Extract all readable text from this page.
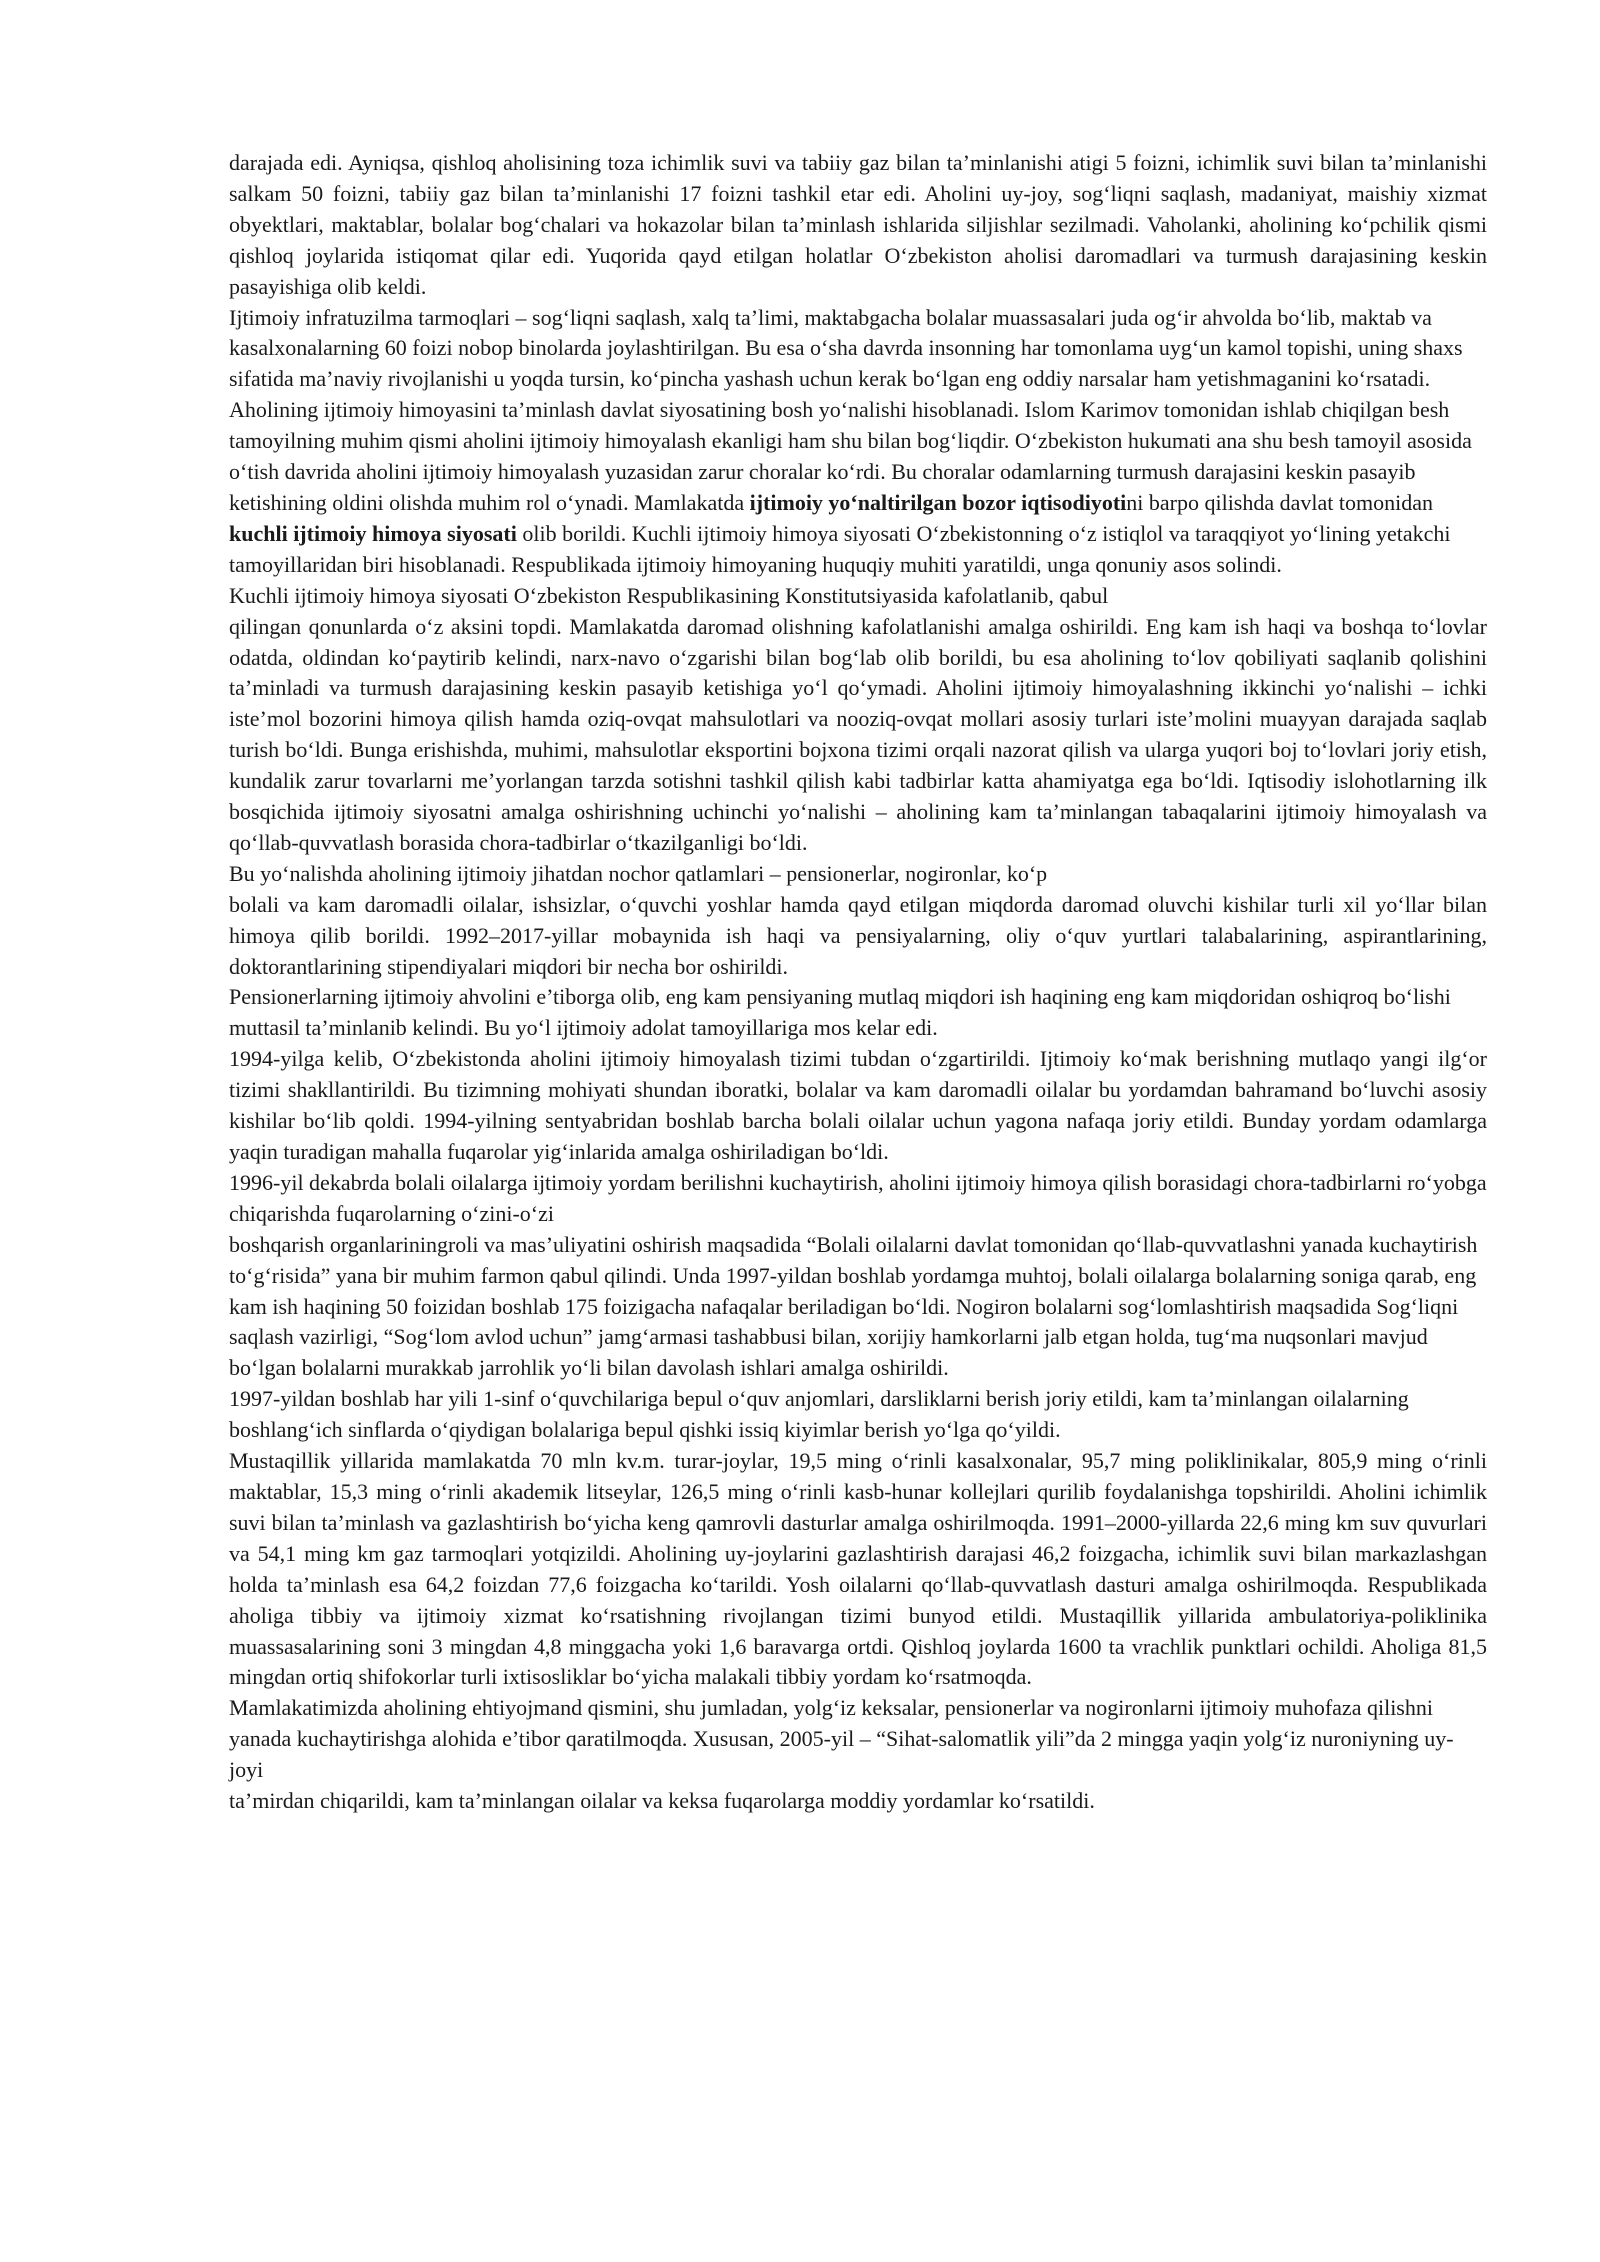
darajada edi. Ayniqsa, qishloq aholisining toza ichimlik suvi va tabiiy gaz bilan ta’minlanishi atigi 5 foizni, ichimlik suvi bilan ta’minlanishi salkam 50 foizni, tabiiy gaz bilan ta’minlanishi 17 foizni tashkil etar edi. Aholini uy-joy, sog‘liqni saqlash, madaniyat, maishiy xizmat obyektlari, maktablar, bolalar bog‘chalari va hokazolar bilan ta’minlash ishlarida siljishlar sezilmadi. Vaholanki, aholining ko‘pchilik qismi qishloq joylarida istiqomat qilar edi. Yuqorida qayd etilgan holatlar O‘zbekiston aholisi daromadlari va turmush darajasining keskin pasayishiga olib keldi.

Ijtimoiy infratuzilma tarmoqlari – sog‘liqni saqlash, xalq ta’limi, maktabgacha bolalar muassasalari juda og‘ir ahvolda bo‘lib, maktab va kasalxonalarning 60 foizi nobop binolarda joylashtirilgan. Bu esa o‘sha davrda insonning har tomonlama uyg‘un kamol topishi, uning shaxs sifatida ma’naviy rivojlanishi u yoqda tursin, ko‘pincha yashash uchun kerak bo‘lgan eng oddiy narsalar ham yetishmaganini ko‘rsatadi.

Aholining ijtimoiy himoyasini ta’minlash davlat siyosatining bosh yo‘nalishi hisoblanadi. Islom Karimov tomonidan ishlab chiqilgan besh tamoyilning muhim qismi aholini ijtimoiy himoyalash ekanligi ham shu bilan bog‘liqdir. O‘zbekiston hukumati ana shu besh tamoyil asosida o‘tish davrida aholini ijtimoiy himoyalash yuzasidan zarur choralar ko‘rdi. Bu choralar odamlarning turmush darajasini keskin pasayib ketishining oldini olishda muhim rol o‘ynadi. Mamlakatda ijtimoiy yo‘naltirilgan bozor iqtisodiyotini barpo qilishda davlat tomonidan kuchli ijtimoiy himoya siyosati olib borildi. Kuchli ijtimoiy himoya siyosati O‘zbekistonning o‘z istiqlol va taraqqiyot yo‘lining yetakchi tamoyillaridan biri hisoblanadi. Respublikada ijtimoiy himoyaning huquqiy muhiti yaratildi, unga qonuniy asos solindi.

Kuchli ijtimoiy himoya siyosati O‘zbekiston Respublikasining Konstitutsiyasida kafolatlanib, qabul

qilingan qonunlarda o‘z aksini topdi. Mamlakatda daromad olishning kafolatlanishi amalga oshirildi. Eng kam ish haqi va boshqa to‘lovlar odatda, oldindan ko‘paytirib kelindi, narx-navo o‘zgarishi bilan bog‘lab olib borildi, bu esa aholining to‘lov qobiliyati saqlanib qolishini ta’minladi va turmush darajasining keskin pasayib ketishiga yo‘l qo‘ymadi. Aholini ijtimoiy himoyalashning ikkinchi yo‘nalishi – ichki iste’mol bozorini himoya qilish hamda oziq-ovqat mahsulotlari va nooziq-ovqat mollari asosiy turlari iste’molini muayyan darajada saqlab turish bo‘ldi. Bunga erishishda, muhimi, mahsulotlar eksportini bojxona tizimi orqali nazorat qilish va ularga yuqori boj to‘lovlari joriy etish, kundalik zarur tovarlarni me’yorlangan tarzda sotishni tashkil qilish kabi tadbirlar katta ahamiyatga ega bo‘ldi. Iqtisodiy islohotlarning ilk bosqichida ijtimoiy siyosatni amalga oshirishning uchinchi yo‘nalishi – aholining kam ta’minlangan tabaqalarini ijtimoiy himoyalash va qo‘llab-quvvatlash borasida chora-tadbirlar o‘tkazilganligi bo‘ldi.

Bu yo‘nalishda aholining ijtimoiy jihatdan nochor qatlamlari – pensionerlar, nogironlar, ko‘p

bolali va kam daromadli oilalar, ishsizlar, o‘quvchi yoshlar hamda qayd etilgan miqdorda daromad oluvchi kishilar turli xil yo‘llar bilan himoya qilib borildi. 1992–2017-yillar mobaynida ish haqi va pensiyalarning, oliy o‘quv yurtlari talabalarining, aspirantlarining, doktorantlarining stipendiyalari miqdori bir necha bor oshirildi.

Pensionerlarning ijtimoiy ahvolini e’tiborga olib, eng kam pensiyaning mutlaq miqdori ish haqining eng kam miqdoridan oshiqroq bo‘lishi muttasil ta’minlanib kelindi. Bu yo‘l ijtimoiy adolat tamoyillariga mos kelar edi.

1994-yilga kelib, O‘zbekistonda aholini ijtimoiy himoyalash tizimi tubdan o‘zgartirildi. Ijtimoiy ko‘mak berishning mutlaqo yangi ilg‘or tizimi shakllantirildi. Bu tizimning mohiyati shundan iboratki, bolalar va kam daromadli oilalar bu yordamdan bahramand bo‘luvchi asosiy kishilar bo‘lib qoldi. 1994-yilning sentyabridan boshlab barcha bolali oilalar uchun yagona nafaqa joriy etildi. Bunday yordam odamlarga yaqin turadigan mahalla fuqarolar yig‘inlarida amalga oshiriladigan bo‘ldi.

1996-yil dekabrda bolali oilalarga ijtimoiy yordam berilishni kuchaytirish, aholini ijtimoiy himoya qilish borasidagi chora-tadbirlarni ro‘yobga chiqarishda fuqarolarning o‘zini-o‘zi

boshqarish organlariningroli va mas’uliyatini oshirish maqsadida “Bolali oilalarni davlat tomonidan qo‘llab-quvvatlashni yanada kuchaytirish to‘g‘risida” yana bir muhim farmon qabul qilindi. Unda 1997-yildan boshlab yordamga muhtoj, bolali oilalarga bolalarning soniga qarab, eng kam ish haqining 50 foizidan boshlab 175 foizigacha nafaqalar beriladigan bo‘ldi. Nogiron bolalarni sog‘lomlashtirish maqsadida Sog‘liqni saqlash vazirligi, “Sog‘lom avlod uchun” jamg‘armasi tashabbusi bilan, xorijiy hamkorlarni jalb etgan holda, tug‘ma nuqsonlari mavjud bo‘lgan bolalarni murakkab jarrohlik yo‘li bilan davolash ishlari amalga oshirildi.

1997-yildan boshlab har yili 1-sinf o‘quvchilariga bepul o‘quv anjomlari, darsliklarni berish joriy etildi, kam ta’minlangan oilalarning boshlang‘ich sinflarda o‘qiydigan bolalariga bepul qishki issiq kiyimlar berish yo‘lga qo‘yildi.

Mustaqillik yillarida mamlakatda 70 mln kv.m. turar-joylar, 19,5 ming o‘rinli kasalxonalar, 95,7 ming poliklinikalar, 805,9 ming o‘rinli maktablar, 15,3 ming o‘rinli akademik litseylar, 126,5 ming o‘rinli kasb-hunar kollejlari qurilib foydalanishga topshirildi. Aholini ichimlik suvi bilan ta’minlash va gazlashtirish bo‘yicha keng qamrovli dasturlar amalga oshirilmoqda. 1991–2000-yillarda 22,6 ming km suv quvurlari va 54,1 ming km gaz tarmoqlari yotqizildi. Aholining uy-joylarini gazlashtirish darajasi 46,2 foizgacha, ichimlik suvi bilan markazlashgan holda ta’minlash esa 64,2 foizdan 77,6 foizgacha ko‘tarildi. Yosh oilalarni qo‘llab-quvvatlash dasturi amalga oshirilmoqda. Respublikada aholiga tibbiy va ijtimoiy xizmat ko‘rsatishning rivojlangan tizimi bunyod etildi. Mustaqillik yillarida ambulatoriya-poliklinika muassasalarining soni 3 mingdan 4,8 minggacha yoki 1,6 baravarga ortdi. Qishloq joylarda 1600 ta vrachlik punktlari ochildi. Aholiga 81,5 mingdan ortiq shifokorlar turli ixtisosliklar bo‘yicha malakali tibbiy yordam ko‘rsatmoqda.

Mamlakatimizda aholining ehtiyojmand qismini, shu jumladan, yolg‘iz keksalar, pensionerlar va nogironlarni ijtimoiy muhofaza qilishni yanada kuchaytirishga alohida e’tibor qaratilmoqda. Xususan, 2005-yil – “Sihat-salomatlik yili”da 2 mingga yaqin yolg‘iz nuroniyning uy-joyi

ta’mirdan chiqarildi, kam ta’minlangan oilalar va keksa fuqarolarga moddiy yordamlar ko‘rsatildi.
